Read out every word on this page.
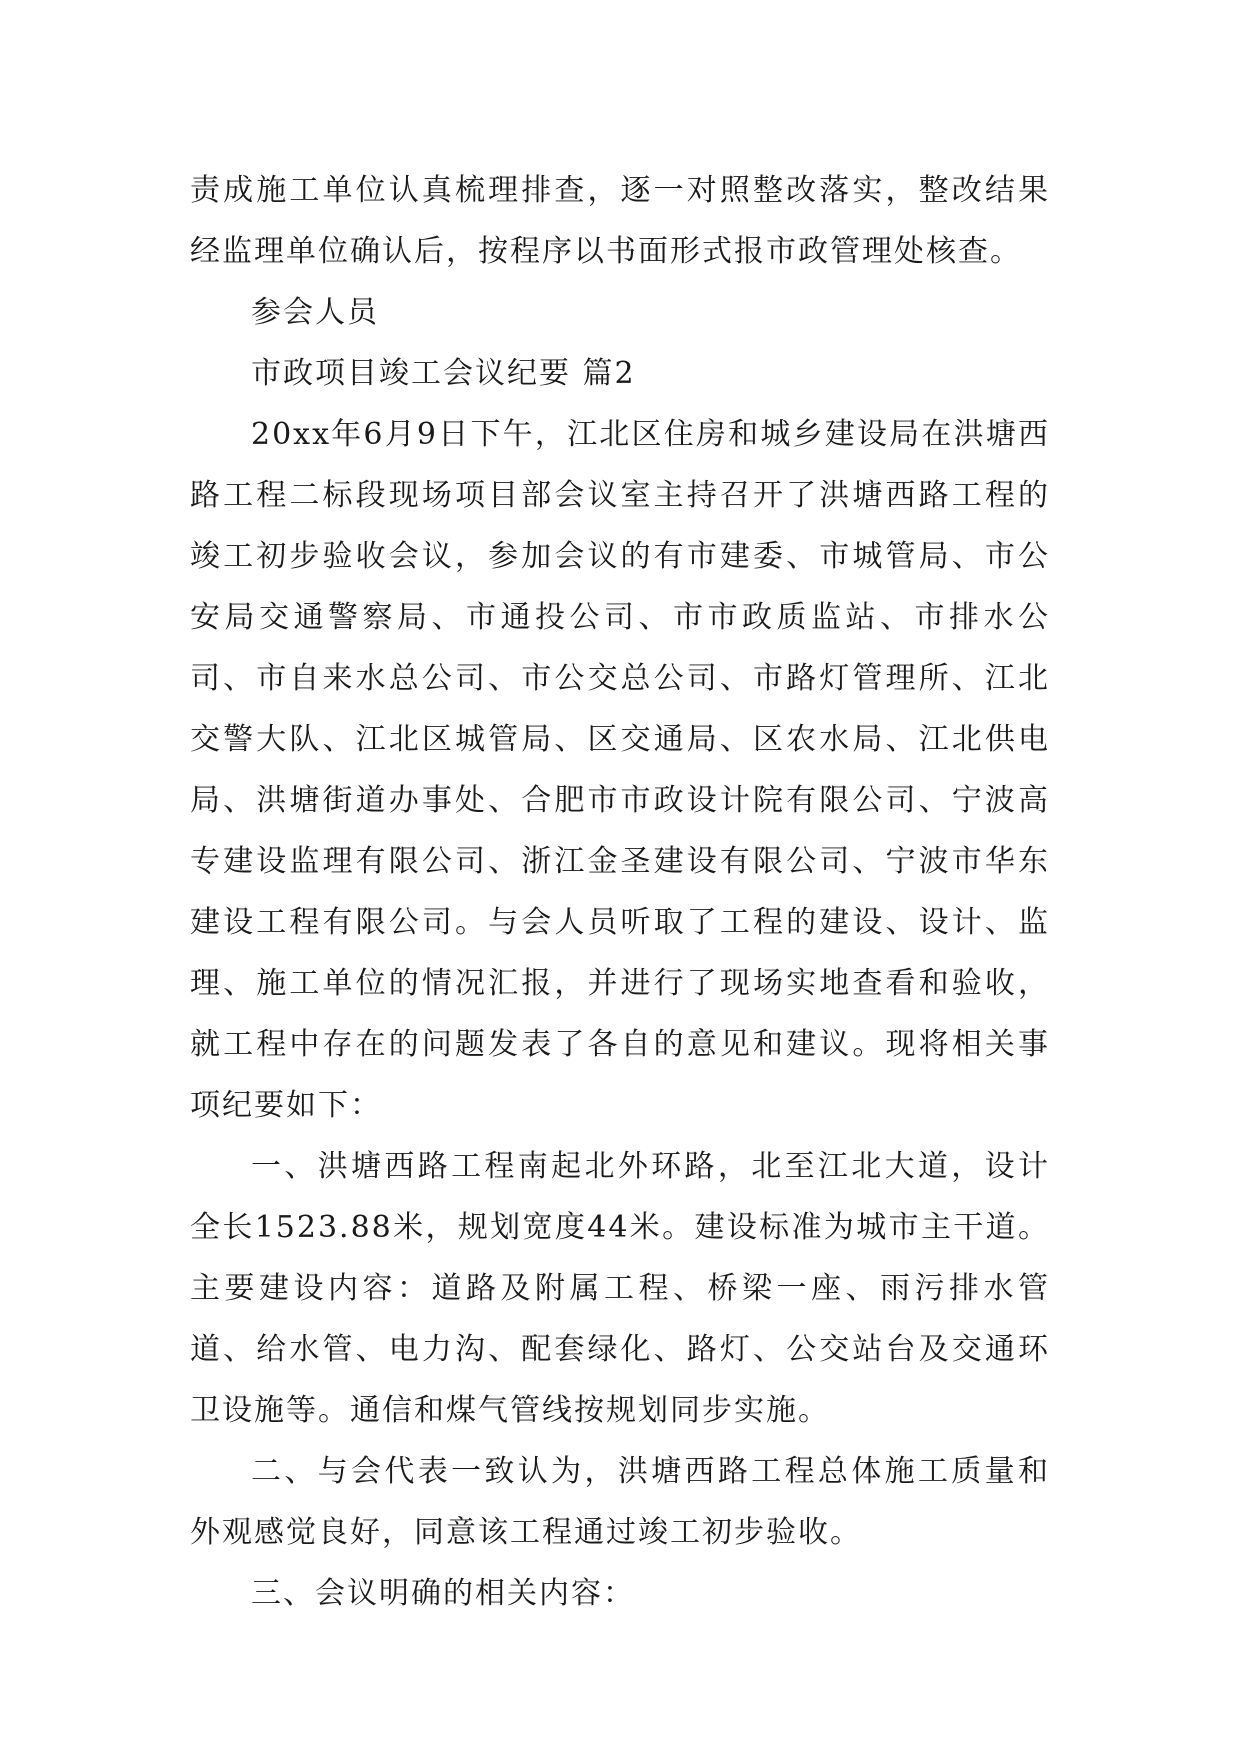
责成施工单位认真梳理排查，逐一对照整改落实，整改结果经监理单位确认后，按程序以书面形式报市政管理处核查。

参会人员

市政项目竣工会议纪要 篇2

20xx年6月9日下午，江北区住房和城乡建设局在洪塘西路工程二标段现场项目部会议室主持召开了洪塘西路工程的竣工初步验收会议，参加会议的有市建委、市城管局、市公安局交通警察局、市通投公司、市市政质监站、市排水公司、市自来水总公司、市公交总公司、市路灯管理所、江北交警大队、江北区城管局、区交通局、区农水局、江北供电局、洪塘街道办事处、合肥市市政设计院有限公司、宁波高专建设监理有限公司、浙江金圣建设有限公司、宁波市华东建设工程有限公司。与会人员听取了工程的建设、设计、监理、施工单位的情况汇报，并进行了现场实地查看和验收，就工程中存在的问题发表了各自的意见和建议。现将相关事项纪要如下：

一、洪塘西路工程南起北外环路，北至江北大道，设计全长1523.88米，规划宽度44米。建设标准为城市主干道。主要建设内容：道路及附属工程、桥梁一座、雨污排水管道、给水管、电力沟、配套绿化、路灯、公交站台及交通环卫设施等。通信和煤气管线按规划同步实施。

二、与会代表一致认为，洪塘西路工程总体施工质量和外观感觉良好，同意该工程通过竣工初步验收。

三、会议明确的相关内容：
